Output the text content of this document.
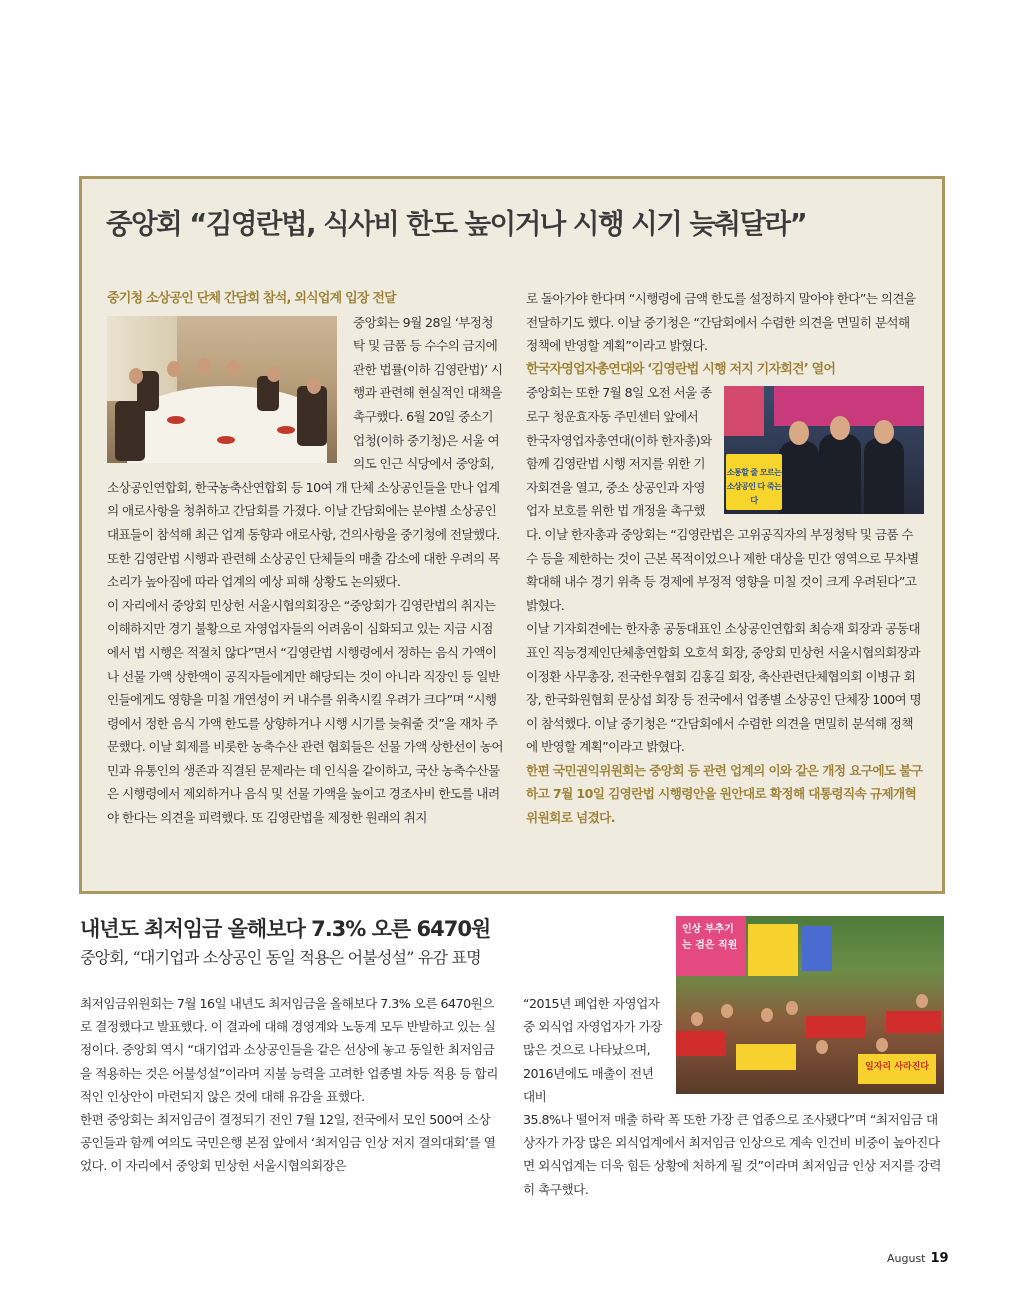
중앙회 “김영란법, 식사비 한도 높이거나 시행 시기 늦춰달라”
중기청 소상공인 단체 간담회 참석, 외식업계 입장 전달

중앙회는 9월 28일 ‘부정청탁 및 금품 등 수수의 금지에 관한 법률(이하 김영란법)’ 시행과 관련해 현실적인 대책을 촉구했다. 6월 20일 중소기업청(이하 중기청)은 서울 여의도 인근 식당에서 중앙회, 소상공인연합회, 한국농축산연합회 등 10여 개 단체 소상공인들을 만나 업계의 애로사항을 청취하고 간담회를 가졌다. 이날 간담회에는 분야별 소상공인 대표들이 참석해 최근 업계 동향과 애로사항, 건의사항을 중기청에 전달했다. 또한 김영란법 시행과 관련해 소상공인 단체들의 매출 감소에 대한 우려의 목소리가 높아짐에 따라 업계의 예상 피해 상황도 논의됐다.

이 자리에서 중앙회 민상헌 서울시협의회장은 “중앙회가 김영란법의 취지는 이해하지만 경기 불황으로 자영업자들의 어려움이 심화되고 있는 지금 시점에서 법 시행은 적절치 않다”면서 “김영란법 시행령에서 정하는 음식 가액이나 선물 가액 상한액이 공직자들에게만 해당되는 것이 아니라 직장인 등 일반인들에게도 영향을 미칠 개연성이 커 내수를 위축시킬 우려가 크다”며 “시행령에서 정한 음식 가액 한도를 상향하거나 시행 시기를 늦춰줄 것”을 재차 주문했다. 이날 회제를 비롯한 농축수산 관련 협회들은 선물 가액 상한선이 농어민과 유통인의 생존과 직결된 문제라는 데 인식을 같이하고, 국산 농축수산물은 시행령에서 제외하거나 음식 및 선물 가액을 높이고 경조사비 한도를 내려야 한다는 의견을 피력했다. 또 김영란법을 제정한 원래의 취지

로 돌아가야 한다며 “시행령에 금액 한도를 설정하지 말아야 한다”는 의견을 전달하기도 했다. 이날 중기청은 “간담회에서 수렴한 의견을 면밀히 분석해 정책에 반영할 계획”이라고 밝혔다.

한국자영업자총연대와 ‘김영란법 시행 저지 기자회견’ 열어
소통할 줄 모르는 소상공인 다 죽는다

중앙회는 또한 7월 8일 오전 서울 종로구 청운효자동 주민센터 앞에서 한국자영업자총연대(이하 한자총)와 함께 김영란법 시행 저지를 위한 기자회견을 열고, 중소 상공인과 자영업자 보호를 위한 법 개정을 촉구했다. 이날 한자총과 중앙회는 “김영란법은 고위공직자의 부정청탁 및 금품 수수 등을 제한하는 것이 근본 목적이었으나 제한 대상을 민간 영역으로 무차별 확대해 내수 경기 위축 등 경제에 부정적 영향을 미칠 것이 크게 우려된다”고 밝혔다.

이날 기자회견에는 한자총 공동대표인 소상공인연합회 최승재 회장과 공동대표인 직능경제인단체총연합회 오호석 회장, 중앙회 민상헌 서울시협의회장과 이정환 사무총장, 전국한우협회 김홍길 회장, 축산관련단체협의회 이병규 회장, 한국화원협회 문상섭 회장 등 전국에서 업종별 소상공인 단체장 100여 명이 참석했다. 이날 중기청은 “간담회에서 수렴한 의견을 면밀히 분석해 정책에 반영할 계획”이라고 밝혔다.

한편 국민권익위원회는 중앙회 등 관련 업계의 이와 같은 개정 요구에도 불구하고 7월 10일 김영란법 시행령안을 원안대로 확정해 대통령직속 규제개혁위원회로 넘겼다.

내년도 최저임금 올해보다 7.3% 오른 6470원
중앙회, “대기업과 소상공인 동일 적용은 어불성설” 유감 표명

최저임금위원회는 7월 16일 내년도 최저임금을 올해보다 7.3% 오른 6470원으로 결정했다고 발표했다. 이 결과에 대해 경영계와 노동계 모두 반발하고 있는 실정이다. 중앙회 역시 “대기업과 소상공인들을 같은 선상에 놓고 동일한 최저임금을 적용하는 것은 어불성설”이라며 지불 능력을 고려한 업종별 차등 적용 등 합리적인 인상안이 마련되지 않은 것에 대해 유감을 표했다.

한편 중앙회는 최저임금이 결정되기 전인 7월 12일, 전국에서 모인 500여 소상공인들과 함께 여의도 국민은행 본점 앞에서 ‘최저임금 인상 저지 결의대회’를 열었다. 이 자리에서 중앙회 민상헌 서울시협의회장은

“2015년 폐업한 자영업자 중 외식업 자영업자가 가장 많은 것으로 나타났으며, 2016년에도 매출이 전년 대비

35.8%나 떨어져 매출 하락 폭 또한 가장 큰 업종으로 조사됐다”며 “최저임금 대상자가 가장 많은 외식업계에서 최저임금 인상으로 계속 인건비 비중이 높아진다면 외식업계는 더욱 힘든 상황에 처하게 될 것”이라며 최저임금 인상 저지를 강력히 촉구했다.

인상 부추기는 검은 직원
일자리 사라진다
August 19
